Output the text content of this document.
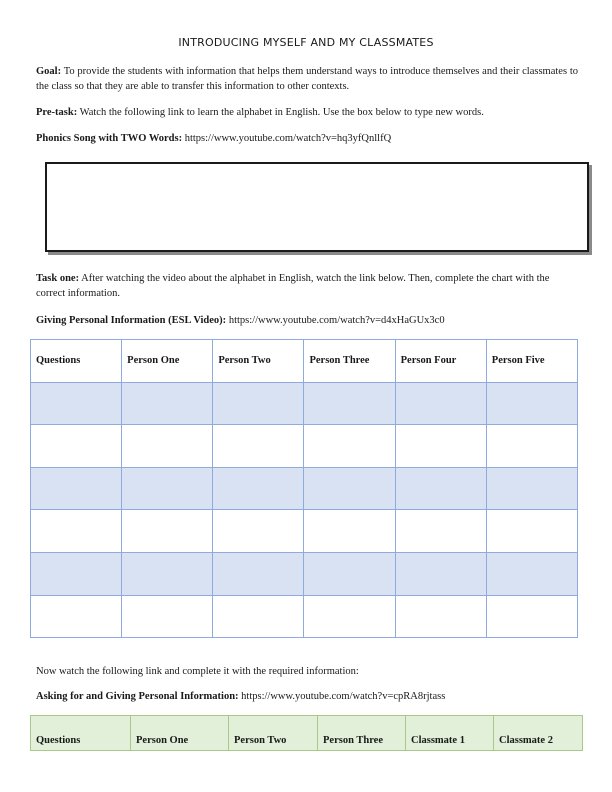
INTRODUCING MYSELF AND MY CLASSMATES
Goal: To provide the students with information that helps them understand ways to introduce themselves and their classmates to the class so that they are able to transfer this information to other contexts.
Pre-task: Watch the following link to learn the alphabet in English. Use the box below to type new words.
Phonics Song with TWO Words: https://www.youtube.com/watch?v=hq3yfQnllfQ
Task one: After watching the video about the alphabet in English, watch the link below. Then, complete the chart with the correct information.
Giving Personal Information (ESL Video): https://www.youtube.com/watch?v=d4xHaGUx3c0
Questions	Person One	Person Two	Person Three	Person Four	Person Five

Now watch the following link and complete it with the required information:
Asking for and Giving Personal Information: https://www.youtube.com/watch?v=cpRA8rjtass
Questions	Person One	Person Two	Person Three	Classmate 1	Classmate 2
